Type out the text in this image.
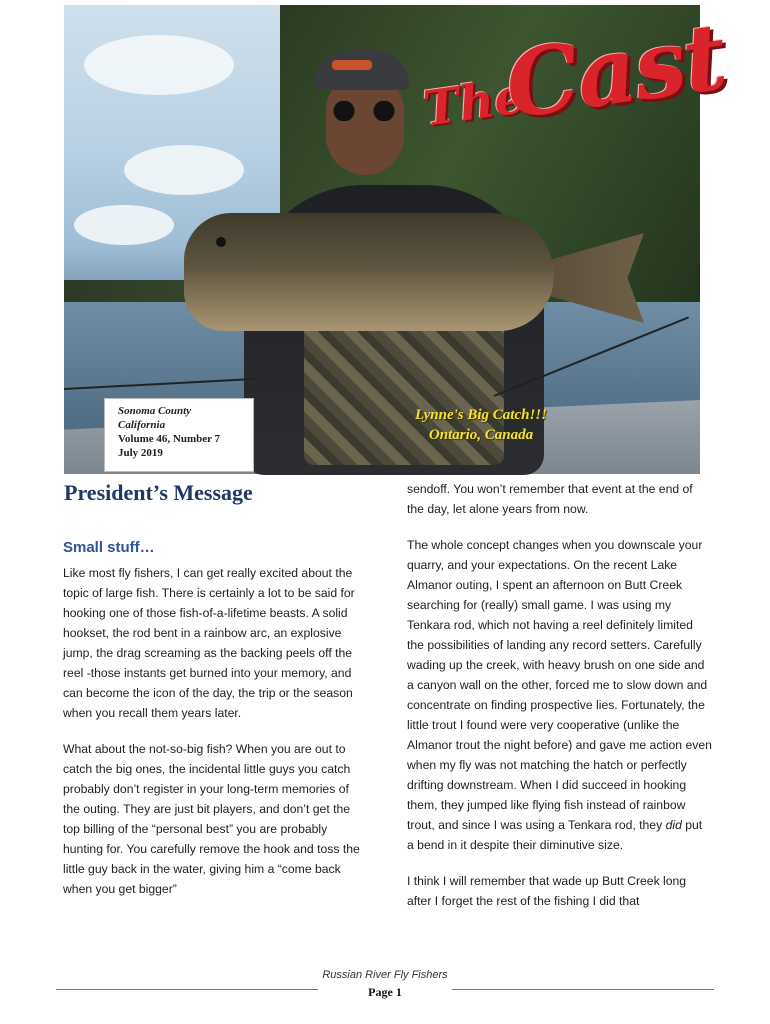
The
Cast
Lynne's Big Catch!!!
Ontario, Canada
Sonoma County
California
Volume 46, Number 7
July 2019
President’s Message
Small stuff…

Like most fly fishers, I can get really excited about the topic of large fish. There is certainly a lot to be said for hooking one of those fish-of-a-lifetime beasts. A solid hookset, the rod bent in a rainbow arc, an explosive jump, the drag screaming as the backing peels off the reel -those instants get burned into your memory, and can become the icon of the day, the trip or the season when you recall them years later.

What about the not-so-big fish? When you are out to catch the big ones, the incidental little guys you catch probably don’t register in your long-term memories of the outing. They are just bit players, and don’t get the top billing of the “personal best” you are probably hunting for. You carefully remove the hook and toss the little guy back in the water, giving him a “come back when you get bigger”

sendoff. You won’t remember that event at the end of the day, let alone years from now.

The whole concept changes when you downscale your quarry, and your expectations. On the recent Lake Almanor outing, I spent an afternoon on Butt Creek searching for (really) small game. I was using my Tenkara rod, which not having a reel definitely limited the possibilities of landing any record setters. Carefully wading up the creek, with heavy brush on one side and a canyon wall on the other, forced me to slow down and concentrate on finding prospective lies. Fortunately, the little trout I found were very cooperative (unlike the Almanor trout the night before) and gave me action even when my fly was not matching the hatch or perfectly drifting downstream. When I did succeed in hooking them, they jumped like flying fish instead of rainbow trout, and since I was using a Tenkara rod, they did put a bend in it despite their diminutive size.

I think I will remember that wade up Butt Creek long after I forget the rest of the fishing I did that

Russian River Fly Fishers
Page 1
